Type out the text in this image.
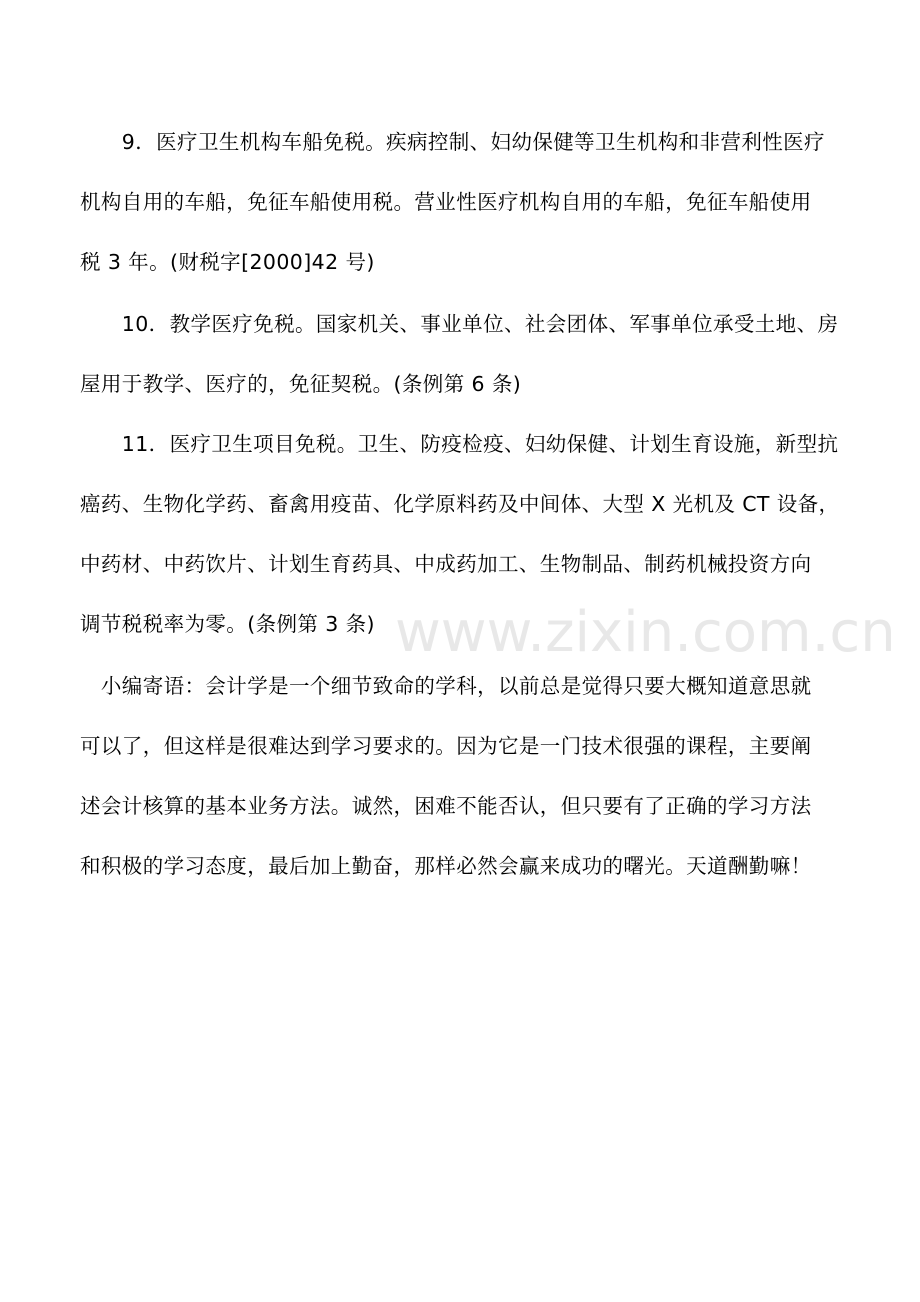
www.zixin.com.cn
　　9．医疗卫生机构车船免税。疾病控制、妇幼保健等卫生机构和非营利性医疗
机构自用的车船，免征车船使用税。营业性医疗机构自用的车船，免征车船使用
税 3 年。(财税字[2000]42 号)
　　10．教学医疗免税。国家机关、事业单位、社会团体、军事单位承受土地、房
屋用于教学、医疗的，免征契税。(条例第 6 条)
　　11．医疗卫生项目免税。卫生、防疫检疫、妇幼保健、计划生育设施，新型抗
癌药、生物化学药、畜禽用疫苗、化学原料药及中间体、大型 X 光机及 CT 设备，
中药材、中药饮片、计划生育药具、中成药加工、生物制品、制药机械投资方向
调节税税率为零。(条例第 3 条)
　小编寄语：会计学是一个细节致命的学科，以前总是觉得只要大概知道意思就
可以了，但这样是很难达到学习要求的。因为它是一门技术很强的课程，主要阐
述会计核算的基本业务方法。诚然，困难不能否认，但只要有了正确的学习方法
和积极的学习态度，最后加上勤奋，那样必然会赢来成功的曙光。天道酬勤嘛！
